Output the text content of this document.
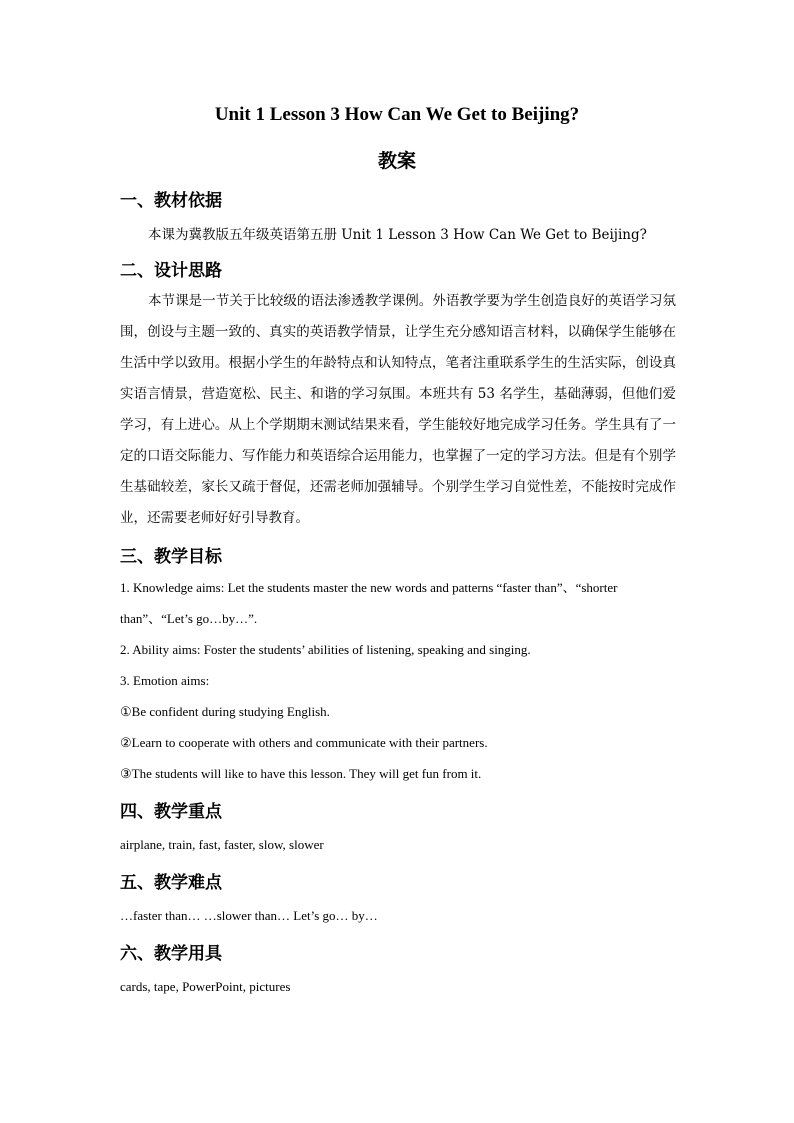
Unit 1 Lesson 3 How Can We Get to Beijing?
教案
一、教材依据

本课为冀教版五年级英语第五册 Unit 1 Lesson 3 How Can We Get to Beijing?

二、设计思路

本节课是一节关于比较级的语法渗透教学课例。外语教学要为学生创造良好的英语学习氛围，创设与主题一致的、真实的英语教学情景，让学生充分感知语言材料，以确保学生能够在生活中学以致用。根据小学生的年龄特点和认知特点，笔者注重联系学生的生活实际，创设真实语言情景，营造宽松、民主、和谐的学习氛围。本班共有 53 名学生，基础薄弱，但他们爱学习，有上进心。从上个学期期末测试结果来看，学生能较好地完成学习任务。学生具有了一定的口语交际能力、写作能力和英语综合运用能力，也掌握了一定的学习方法。但是有个别学生基础较差，家长又疏于督促，还需老师加强辅导。个别学生学习自觉性差，不能按时完成作业，还需要老师好好引导教育。

三、教学目标

1. Knowledge aims: Let the students master the new words and patterns “faster than”、“shorter than”、“Let’s go…by…”.

2. Ability aims: Foster the students’ abilities of listening, speaking and singing.

3. Emotion aims:

①Be confident during studying English.

②Learn to cooperate with others and communicate with their partners.

③The students will like to have this lesson. They will get fun from it.

四、教学重点

airplane, train, fast, faster, slow, slower

五、教学难点

…faster than… …slower than… Let’s go… by…

六、教学用具

cards, tape, PowerPoint, pictures
